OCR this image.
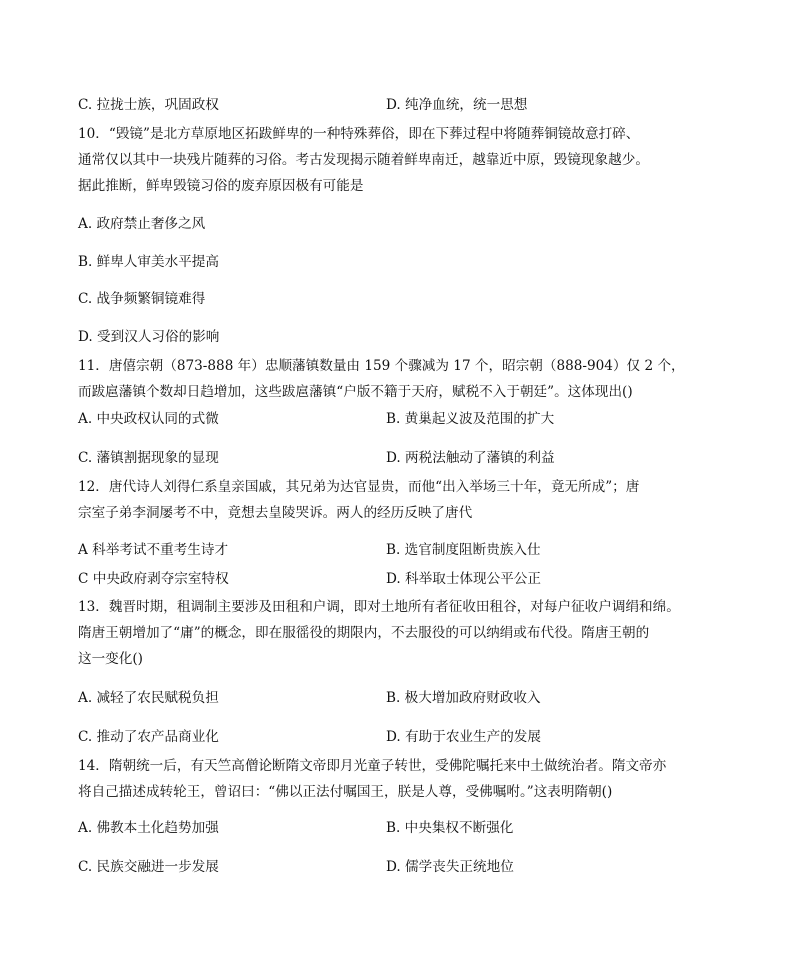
C. 拉拢士族，巩固政权	D. 纯净血统，统一思想
10．“毁镜”是北方草原地区拓跋鲜卑的一种特殊葬俗，即在下葬过程中将随葬铜镜故意打碎、
通常仅以其中一块残片随葬的习俗。考古发现揭示随着鲜卑南迁，越靠近中原，毁镜现象越少。
据此推断，鲜卑毁镜习俗的废弃原因极有可能是
A. 政府禁止奢侈之风
B. 鲜卑人审美水平提高
C. 战争频繁铜镜难得
D. 受到汉人习俗的影响
11．唐僖宗朝（873-888 年）忠顺藩镇数量由 159 个骤减为 17 个，昭宗朝（888-904）仅 2 个，
而跋扈藩镇个数却日趋增加，这些跋扈藩镇“户版不籍于天府，赋税不入于朝廷”。这体现出()
A. 中央政权认同的式微	B. 黄巢起义波及范围的扩大
C. 藩镇割据现象的显现	D. 两税法触动了藩镇的利益
12．唐代诗人刘得仁系皇亲国戚，其兄弟为达官显贵，而他“出入举场三十年，竟无所成”；唐
宗室子弟李洞屡考不中，竟想去皇陵哭诉。两人的经历反映了唐代
A 科举考试不重考生诗才	B. 选官制度阻断贵族入仕
C 中央政府剥夺宗室特权	D. 科举取士体现公平公正
13．魏晋时期，租调制主要涉及田租和户调，即对土地所有者征收田租谷，对每户征收户调绢和绵。
隋唐王朝增加了“庸”的概念，即在服徭役的期限内，不去服役的可以纳绢或布代役。隋唐王朝的
这一变化()
A. 减轻了农民赋税负担	B. 极大增加政府财政收入
C. 推动了农产品商业化	D. 有助于农业生产的发展
14．隋朝统一后，有天竺高僧论断隋文帝即月光童子转世，受佛陀嘱托来中土做统治者。隋文帝亦
将自己描述成转轮王，曾诏曰：“佛以正法付嘱国王，朕是人尊，受佛嘱咐。”这表明隋朝()
A. 佛教本土化趋势加强	B. 中央集权不断强化
C. 民族交融进一步发展	D. 儒学丧失正统地位
